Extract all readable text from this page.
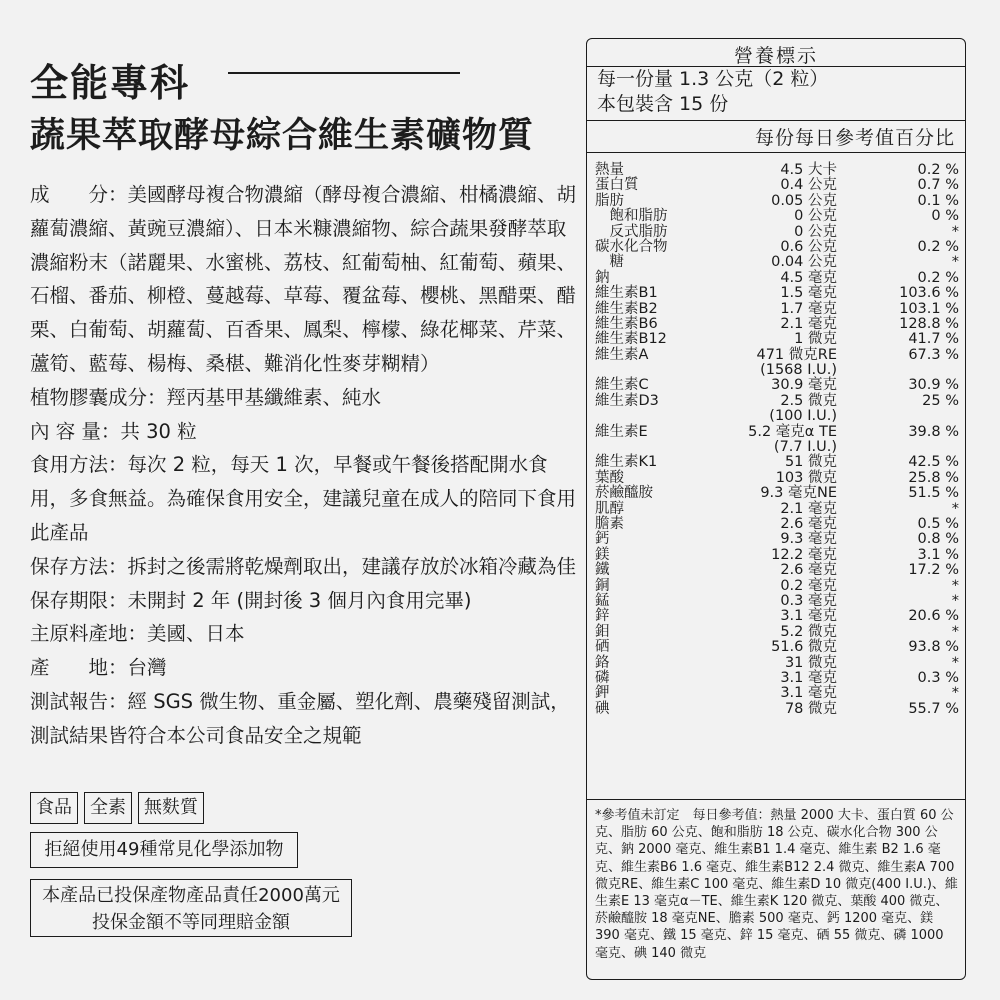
全能專科
蔬果萃取酵母綜合維生素礦物質

成　　分：美國酵母複合物濃縮（酵母複合濃縮、柑橘濃縮、胡蘿蔔濃縮、黃豌豆濃縮）、日本米糠濃縮物、綜合蔬果發酵萃取濃縮粉末（諾麗果、水蜜桃、荔枝、紅葡萄柚、紅葡萄、蘋果、石榴、番茄、柳橙、蔓越莓、草莓、覆盆莓、櫻桃、黑醋栗、醋栗、白葡萄、胡蘿蔔、百香果、鳳梨、檸檬、綠花椰菜、芹菜、蘆筍、藍莓、楊梅、桑椹、難消化性麥芽糊精）

植物膠囊成分：羥丙基甲基纖維素、純水

內 容 量：共 30 粒

食用方法：每次 2 粒，每天 1 次，早餐或午餐後搭配開水食用，多食無益。為確保食用安全，建議兒童在成人的陪同下食用此產品

保存方法：拆封之後需將乾燥劑取出，建議存放於冰箱冷藏為佳

保存期限：未開封 2 年 (開封後 3 個月內食用完畢)

主原料產地：美國、日本

產　　地：台灣

測試報告：經 SGS 微生物、重金屬、塑化劑、農藥殘留測試，測試結果皆符合本公司食品安全之規範

食品 全素 無麩質
拒絕使用49種常見化學添加物
本產品已投保產物產品責任2000萬元
投保金額不等同理賠金額
營養標示
每一份量 1.3 公克（2 粒）
本包裝含 15 份
每份每日參考值百分比
熱量	4.5 大卡	0.2 %
蛋白質	0.4 公克	0.7 %
脂肪	0.05 公克	0.1 %
　飽和脂肪	0 公克	0 %
　反式脂肪	0 公克	*
碳水化合物	0.6 公克	0.2 %
　糖	0.04 公克	*
鈉	4.5 毫克	0.2 %
維生素B1	1.5 毫克	103.6 %
維生素B2	1.7 毫克	103.1 %
維生素B6	2.1 毫克	128.8 %
維生素B12	1 微克	41.7 %
維生素A	471 微克RE	67.3 %
(1568 I.U.)
維生素C	30.9 毫克	30.9 %
維生素D3	2.5 微克	25 %
(100 I.U.)
維生素E	5.2 毫克α TE	39.8 %
(7.7 I.U.)
維生素K1	51 微克	42.5 %
葉酸	103 微克	25.8 %
菸鹼醯胺	9.3 毫克NE	51.5 %
肌醇	2.1 毫克	*
膽素	2.6 毫克	0.5 %
鈣	9.3 毫克	0.8 %
鎂	12.2 毫克	3.1 %
鐵	2.6 毫克	17.2 %
銅	0.2 毫克	*
錳	0.3 毫克	*
鋅	3.1 毫克	20.6 %
鉬	5.2 微克	*
硒	51.6 微克	93.8 %
鉻	31 微克	*
磷	3.1 毫克	0.3 %
鉀	3.1 毫克	*
碘	78 微克	55.7 %
*參考值未訂定　每日參考值：熱量 2000 大卡、蛋白質 60 公克、脂肪 60 公克、飽和脂肪 18 公克、碳水化合物 300 公克、鈉 2000 毫克、維生素B1 1.4 毫克、維生素 B2 1.6 毫克、維生素B6 1.6 毫克、維生素B12 2.4 微克、維生素A 700 微克RE、維生素C 100 毫克、維生素D 10 微克(400 I.U.)、維生素E 13 毫克α－TE、維生素K 120 微克、葉酸 400 微克、菸鹼醯胺 18 毫克NE、膽素 500 毫克、鈣 1200 毫克、鎂 390 毫克、鐵 15 毫克、鋅 15 毫克、硒 55 微克、磷 1000 毫克、碘 140 微克
